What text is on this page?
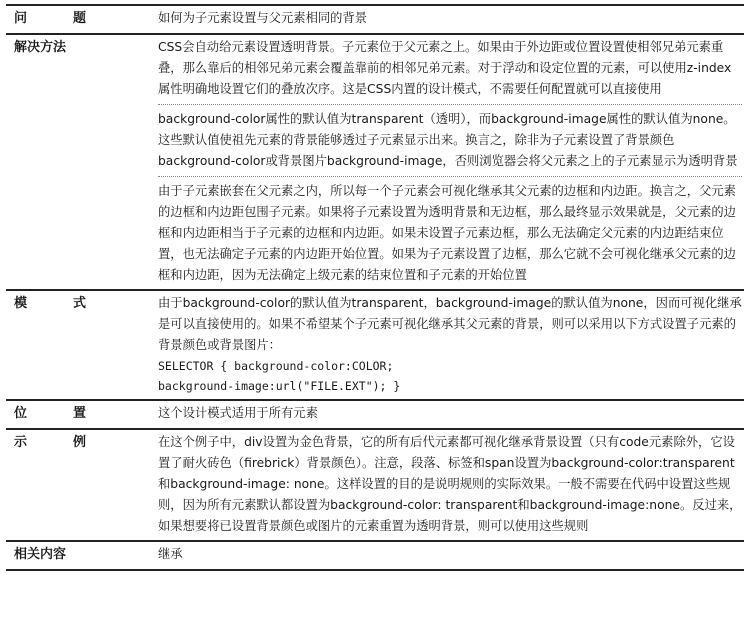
问　题	如何为子元素设置与父元素相同的背景
解决方法	CSS会自动给元素设置透明背景。子元素位于父元素之上。如果由于外边距或位置设置使相邻兄弟元素重叠，那么靠后的相邻兄弟元素会覆盖靠前的相邻兄弟元素。对于浮动和设定位置的元素，可以使用z-index属性明确地设置它们的叠放次序。这是CSS内置的设计模式，不需要任何配置就可以直接使用

background-color属性的默认值为transparent（透明），而background-image属性的默认值为none。这些默认值使祖先元素的背景能够透过子元素显示出来。换言之，除非为子元素设置了背景颜色background-color或背景图片background-image，否则浏览器会将父元素之上的子元素显示为透明背景

由于子元素嵌套在父元素之内，所以每一个子元素会可视化继承其父元素的边框和内边距。换言之，父元素的边框和内边距包围子元素。如果将子元素设置为透明背景和无边框，那么最终显示效果就是，父元素的边框和内边距相当于子元素的边框和内边距。如果未设置子元素边框，那么无法确定父元素的内边距结束位置，也无法确定子元素的内边距开始位置。如果为子元素设置了边框，那么它就不会可视化继承父元素的边框和内边距，因为无法确定上级元素的结束位置和子元素的开始位置

模　式	由于background-color的默认值为transparent，background-image的默认值为none，因而可视化继承是可以直接使用的。如果不希望某个子元素可视化继承其父元素的背景，则可以采用以下方式设置子元素的背景颜色或背景图片：
SELECTOR { background-color:COLOR;
background-image:url("FILE.EXT"); }

位　置	这个设计模式适用于所有元素
示　例	在这个例子中，div设置为金色背景，它的所有后代元素都可视化继承背景设置（只有code元素除外，它设置了耐火砖色（firebrick）背景颜色）。注意，段落、标签和span设置为background-color:transparent和background-image: none。这样设置的目的是说明规则的实际效果。一般不需要在代码中设置这些规则，因为所有元素默认都设置为background-color: transparent和background-image:none。反过来，如果想要将已设置背景颜色或图片的元素重置为透明背景，则可以使用这些规则
相关内容	继承
